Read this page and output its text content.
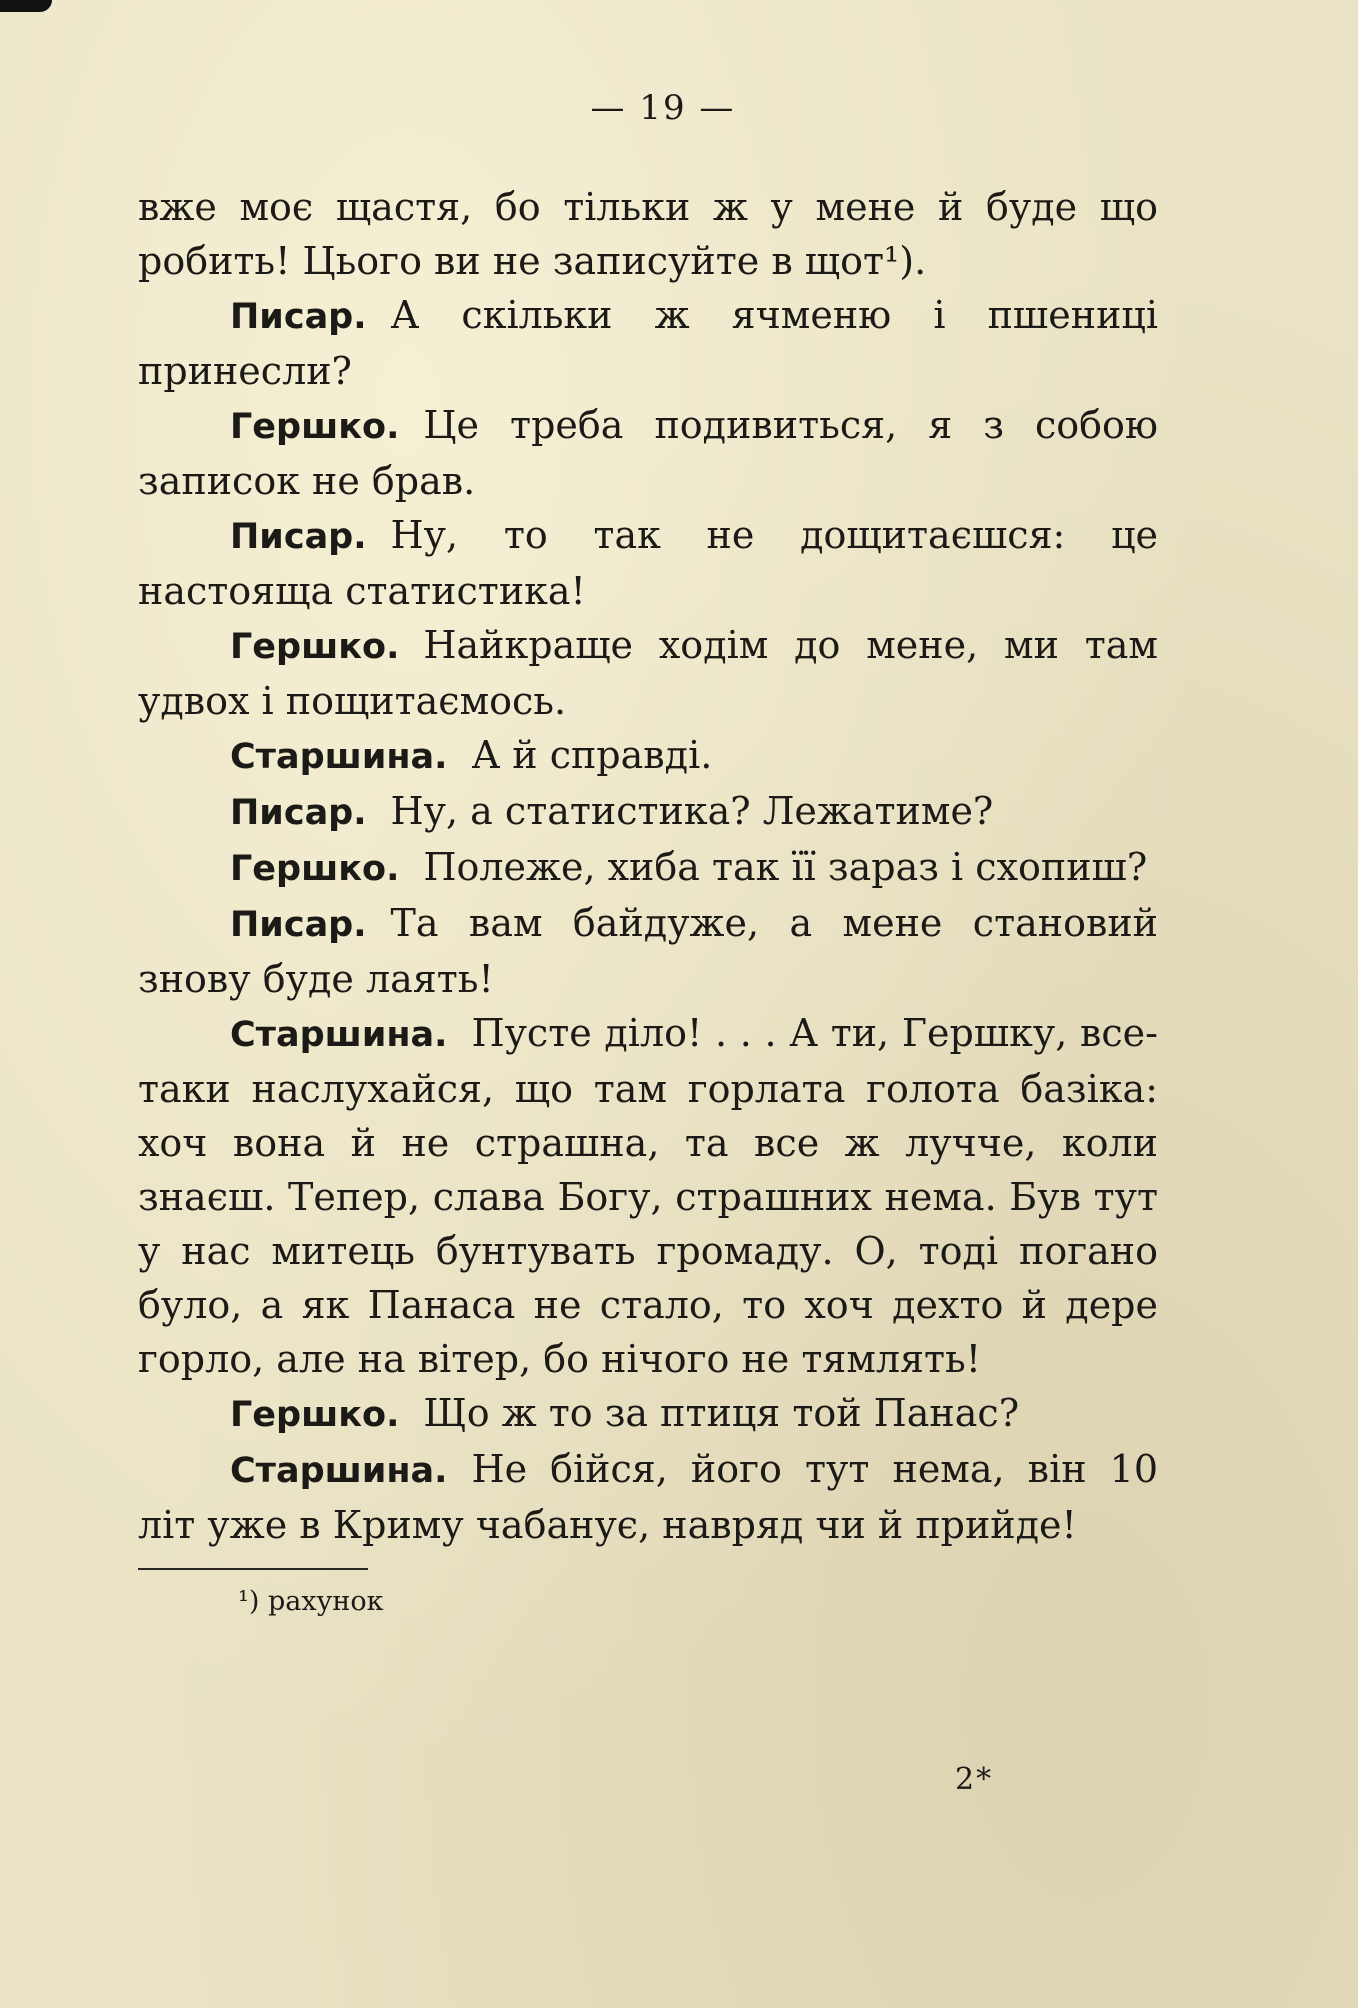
— 19 —

вже моє щастя, бо тільки ж у мене й буде що робить! Цього ви не записуйте в щот¹).

Писар. А скільки ж ячменю і пшениці принесли?

Гершко. Це треба подивиться, я з собою записок не брав.

Писар. Ну, то так не дощитаєшся: це настояща статистика!

Гершко. Найкраще ходім до мене, ми там удвох і пощитаємось.

Старшина. А й справді.

Писар. Ну, а статистика? Лежатиме?

Гершко. Полеже, хиба так її зараз і схопиш?

Писар. Та вам байдуже, а мене становий знову буде лаять!

Старшина. Пусте діло! . . . А ти, Гершку, все-таки наслухайся, що там горлата голота базіка: хоч вона й не страшна, та все ж лучче, коли знаєш. Тепер, слава Богу, страшних нема. Був тут у нас митець бунтувать громаду. О, тоді погано було, а як Панаса не стало, то хоч дехто й дере горло, але на вітер, бо нічого не тямлять!

Гершко. Що ж то за птиця той Панас?

Старшина. Не бійся, його тут нема, він 10 літ уже в Криму чабанує, навряд чи й прийде!

¹) рахунок
2*
